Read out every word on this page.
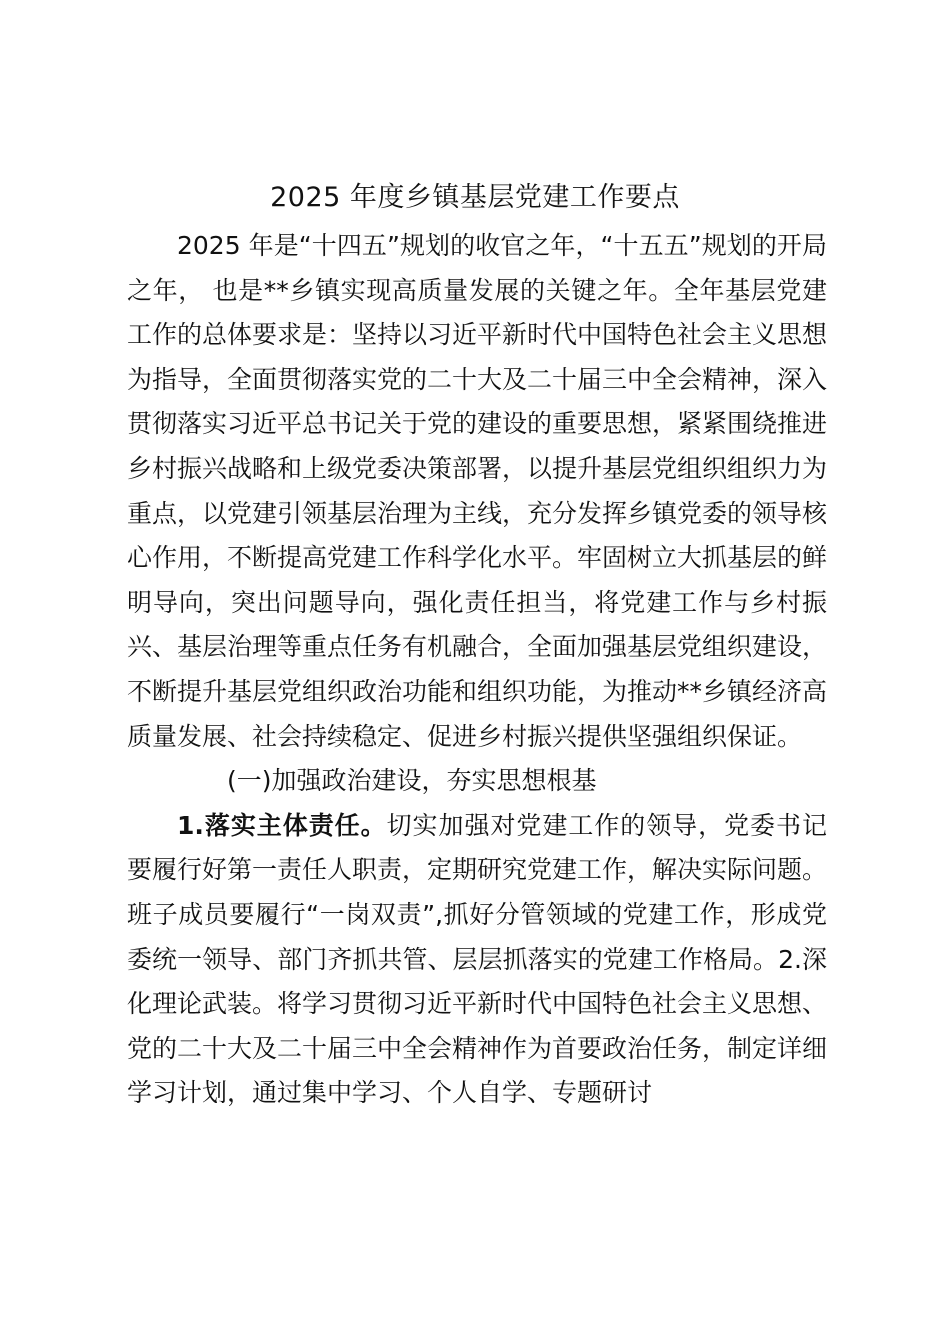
2025 年度乡镇基层党建工作要点

2025 年是“十四五”规划的收官之年，“十五五”规划的开局之年， 也是**乡镇实现高质量发展的关键之年。全年基层党建工作的总体要求是：坚持以习近平新时代中国特色社会主义思想为指导，全面贯彻落实党的二十大及二十届三中全会精神，深入贯彻落实习近平总书记关于党的建设的重要思想，紧紧围绕推进乡村振兴战略和上级党委决策部署，以提升基层党组织组织力为重点，以党建引领基层治理为主线，充分发挥乡镇党委的领导核心作用，不断提高党建工作科学化水平。牢固树立大抓基层的鲜明导向，突出问题导向，强化责任担当，将党建工作与乡村振兴、基层治理等重点任务有机融合，全面加强基层党组织建设，不断提升基层党组织政治功能和组织功能，为推动**乡镇经济高质量发展、社会持续稳定、促进乡村振兴提供坚强组织保证。

(一)加强政治建设，夯实思想根基

1.落实主体责任。切实加强对党建工作的领导，党委书记要履行好第一责任人职责，定期研究党建工作，解决实际问题。班子成员要履行“一岗双责”,抓好分管领域的党建工作，形成党委统一领导、部门齐抓共管、层层抓落实的党建工作格局。2.深化理论武装。将学习贯彻习近平新时代中国特色社会主义思想、党的二十大及二十届三中全会精神作为首要政治任务，制定详细学习计划，通过集中学习、个人自学、专题研讨
